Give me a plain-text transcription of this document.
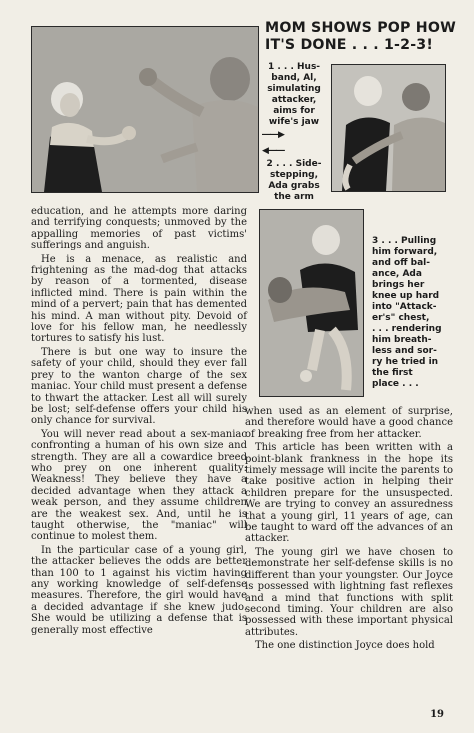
MOM SHOWS POP HOW
IT'S DONE . . . 1-2-3!
1 . . . Hus-
band, Al,
simulating
attacker,
aims for
wife's jaw
――▶
◀――
2 . . . Side-
stepping,
Ada grabs
the arm
3 . . . Pulling
him forward,
and off bal-
ance, Ada
brings her
knee up hard
into "Attack-
er's" chest,
. . . rendering
him breath-
less and sor-
ry he tried in
the first
place . . .

education, and he attempts more daring and terrifying conquests; unmoved by the appalling memories of past victims' sufferings and anguish.

He is a menace, as realistic and frightening as the mad-dog that attacks by reason of a tormented, disease inflicted mind. There is pain within the mind of a pervert; pain that has demented his mind. A man without pity. Devoid of love for his fellow man, he needlessly tortures to satisfy his lust.

There is but one way to insure the safety of your child, should they ever fall prey to the wanton charge of the sex maniac. Your child must present a defense to thwart the attacker. Lest all will surely be lost; self-defense offers your child his only chance for survival.

You will never read about a sex-maniac confronting a human of his own size and strength. They are all a cowardice breed who prey on one inherent quality: Weakness! They believe they have a decided advantage when they attack a weak person, and they assume children are the weakest sex. And, until he is taught otherwise, the "maniac" will continue to molest them.

In the particular case of a young girl, the attacker believes the odds are better than 100 to 1 against his victim having any working knowledge of self-defense measures. Therefore, the girl would have a decided advantage if she knew judo. She would be utilizing a defense that is generally most effective

when used as an element of surprise, and therefore would have a good chance of breaking free from her attacker.

This article has been written with a point-blank frankness in the hope its timely message will incite the parents to take positive action in helping their children prepare for the unsuspected. We are trying to convey an assuredness that a young girl, 11 years of age, can be taught to ward off the advances of an attacker.

The young girl we have chosen to demonstrate her self-defense skills is no different than your youngster. Our Joyce is possessed with lightning fast reflexes and a mind that functions with split second timing. Your children are also possessed with these important physical attributes.

The one distinction Joyce does hold

19
